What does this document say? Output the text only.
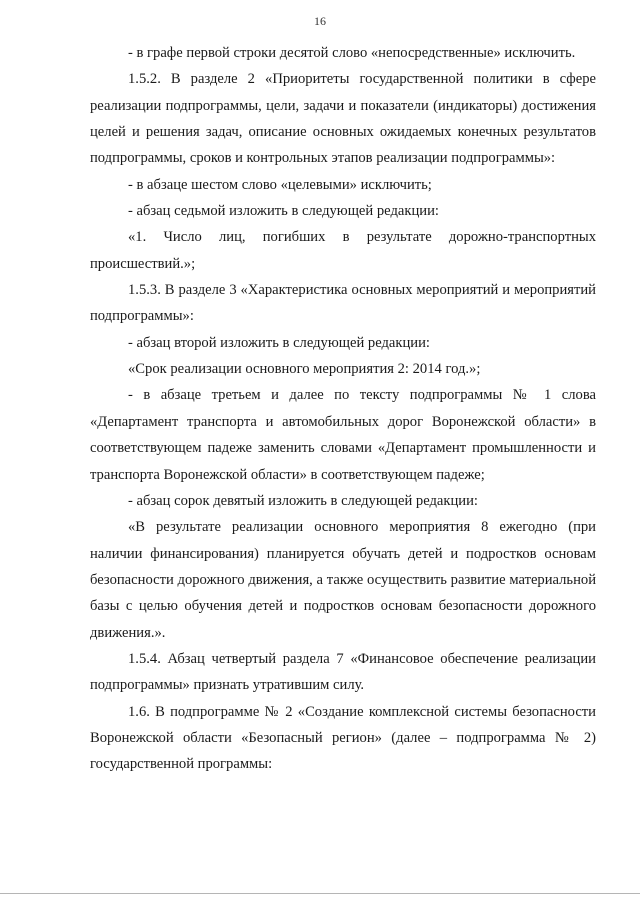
16

- в графе первой строки десятой слово «непосредственные» исключить.

1.5.2. В разделе 2 «Приоритеты государственной политики в сфере реализации подпрограммы, цели, задачи и показатели (индикаторы) достижения целей и решения задач, описание основных ожидаемых конечных результатов подпрограммы, сроков и контрольных этапов реализации подпрограммы»:

- в абзаце шестом слово «целевыми» исключить;

- абзац седьмой изложить в следующей редакции:

«1. Число лиц, погибших в результате дорожно-транспортных происшествий.»;

1.5.3. В разделе 3 «Характеристика основных мероприятий и мероприятий подпрограммы»:

- абзац второй изложить в следующей редакции:

«Срок реализации основного мероприятия 2: 2014 год.»;

- в абзаце третьем и далее по тексту подпрограммы № 1 слова «Департамент транспорта и автомобильных дорог Воронежской области» в соответствующем падеже заменить словами «Департамент промышленности и транспорта Воронежской области» в соответствующем падеже;

- абзац сорок девятый изложить в следующей редакции:

«В результате реализации основного мероприятия 8 ежегодно (при наличии финансирования) планируется обучать детей и подростков основам безопасности дорожного движения, а также осуществить развитие материальной базы с целью обучения детей и подростков основам безопасности дорожного движения.».

1.5.4. Абзац четвертый раздела 7 «Финансовое обеспечение реализации подпрограммы» признать утратившим силу.

1.6. В подпрограмме № 2 «Создание комплексной системы безопасности Воронежской области «Безопасный регион» (далее – подпрограмма № 2) государственной программы:
